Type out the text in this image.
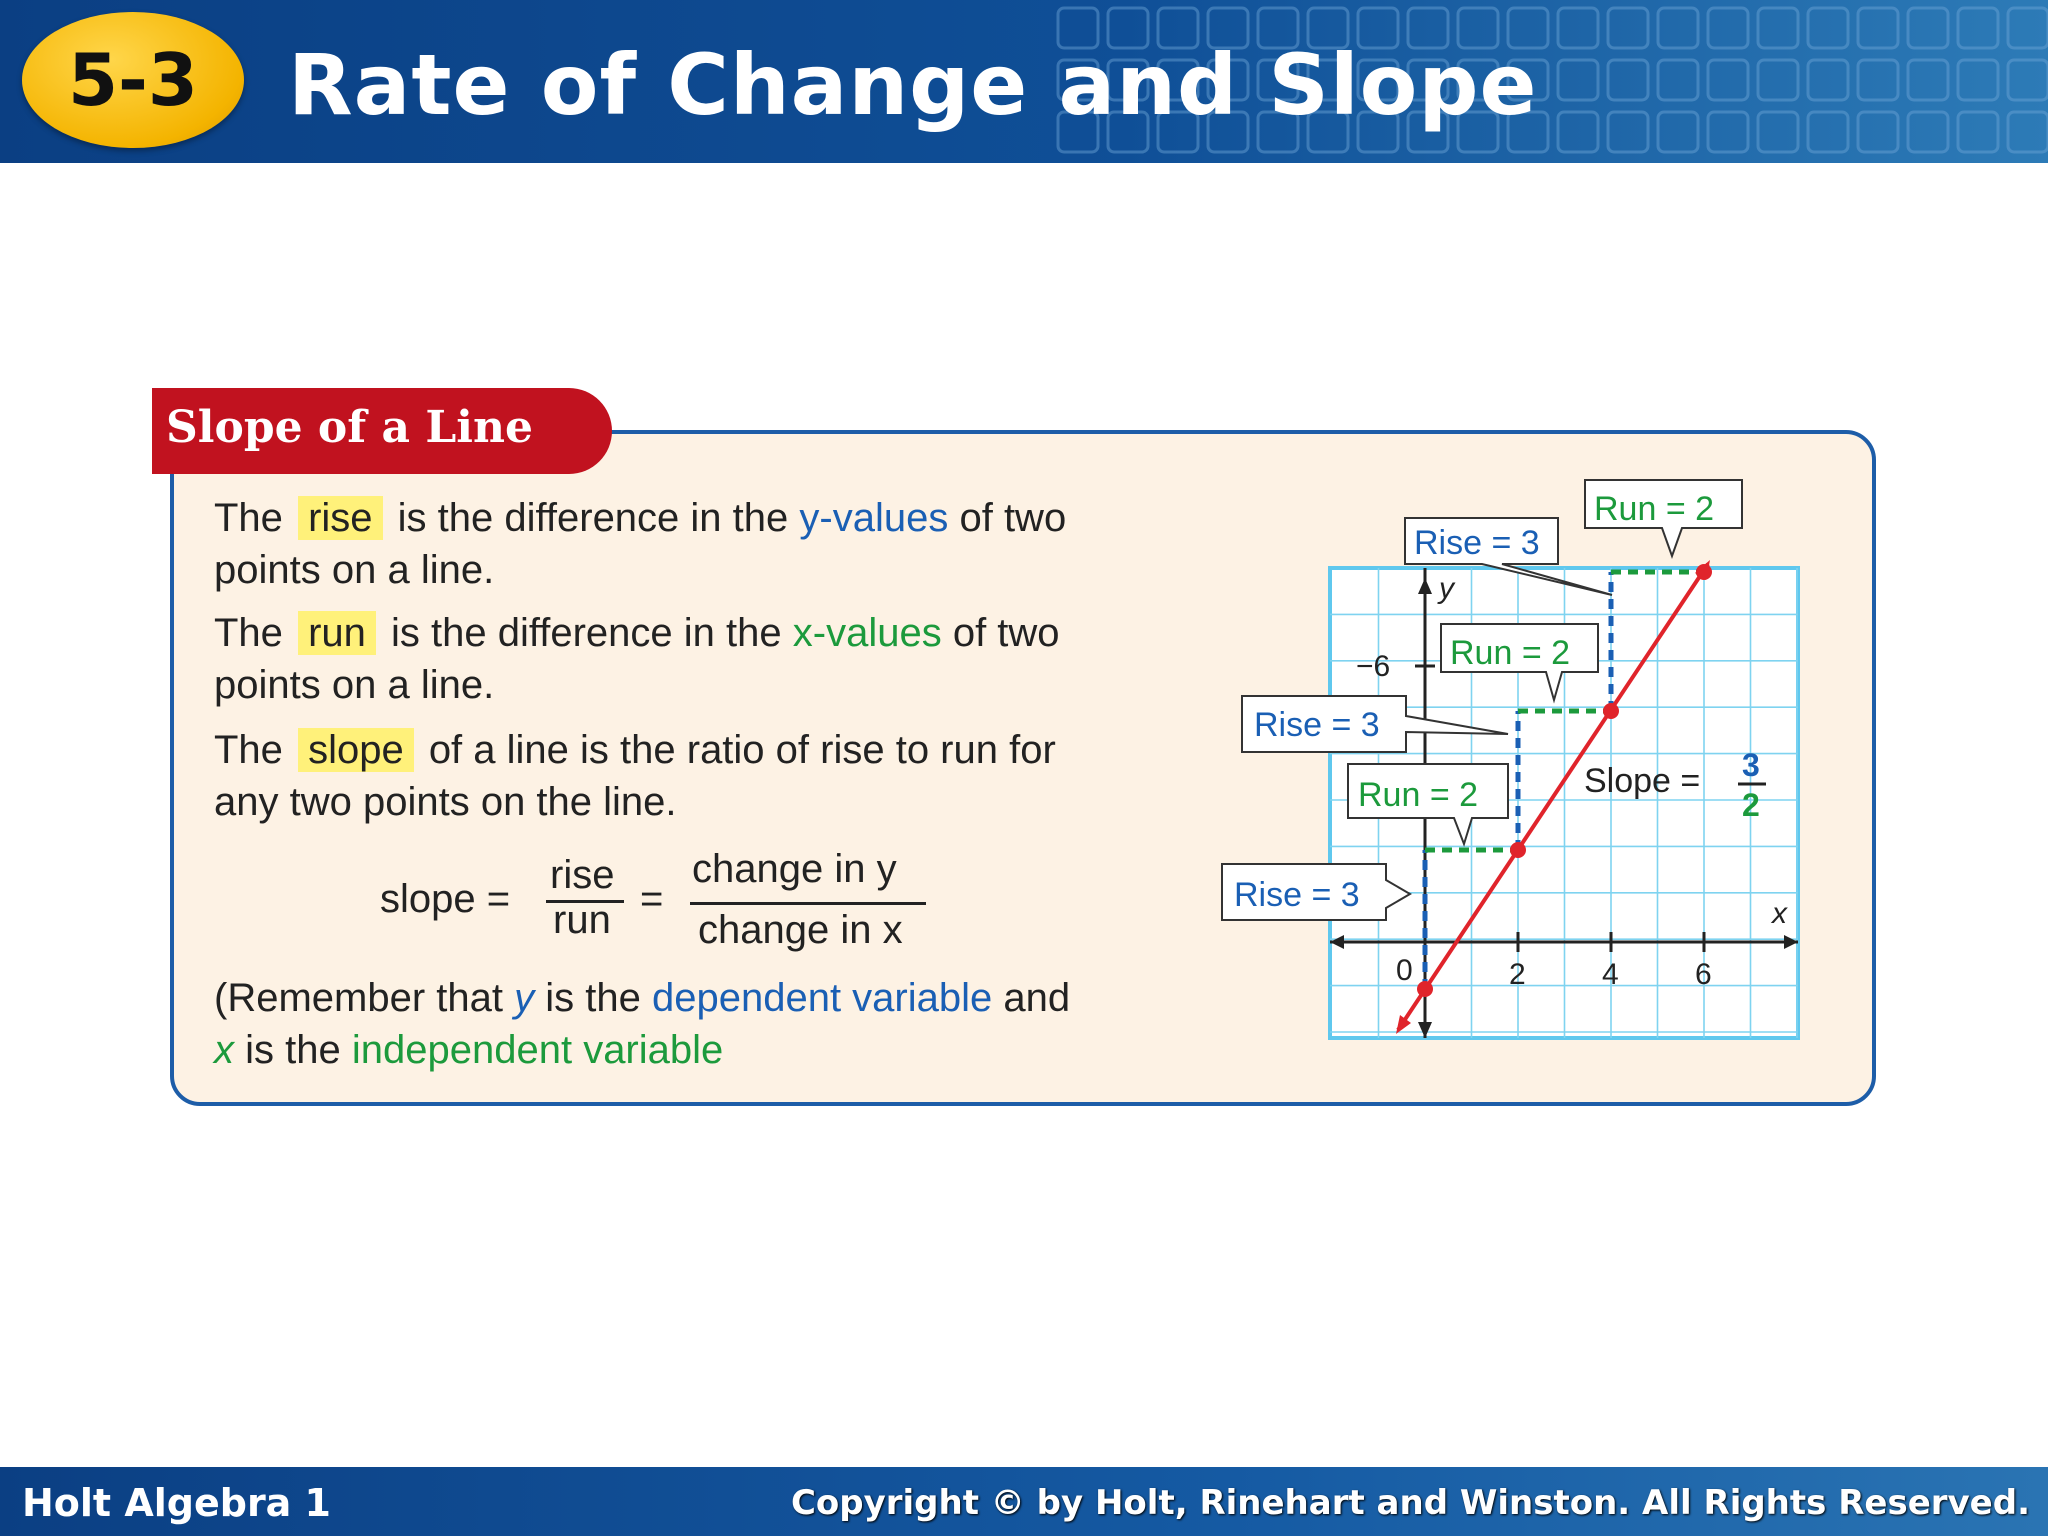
5-3	Rate of Change and Slope
Slope of a Line
The rise is the difference in the y-values of two
points on a line.
The run is the difference in the x-values of two
points on a line.
The slope of a line is the ratio of rise to run for
any two points on the line.
slope =
rise
run =
change in y
change in x
(Remember that y is the dependent variable and
x is the independent variable
y
x
0	2	4	6
−6
Rise = 3
Run = 2
Run = 2
Rise = 3
Run = 2
Rise = 3
Slope = 3
2
Holt Algebra 1	Copyright © by Holt, Rinehart and Winston. All Rights Reserved.
